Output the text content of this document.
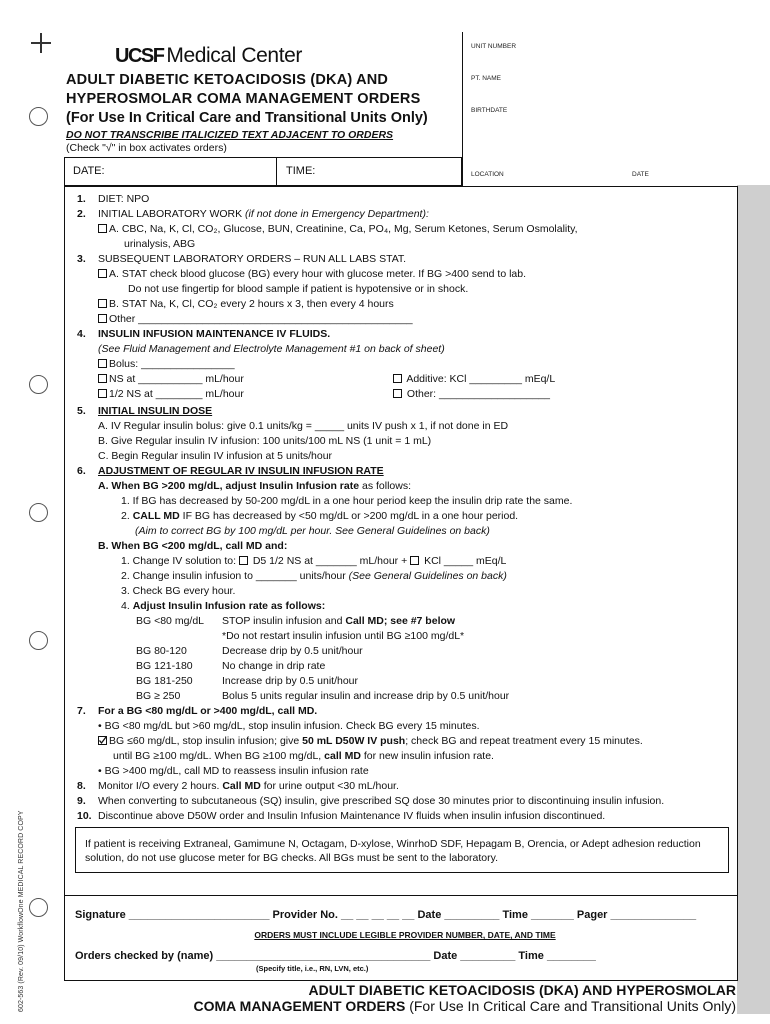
602-563 (Rev. 09/10) WorkflowOne MEDICAL RECORD COPY
UCSF Medical Center
ADULT DIABETIC KETOACIDOSIS (DKA) AND
HYPEROSMOLAR COMA MANAGEMENT ORDERS
(For Use In Critical Care and Transitional Units Only)
DO NOT TRANSCRIBE ITALICIZED TEXT ADJACENT TO ORDERS
(Check "√" in box activates orders)
UNIT NUMBER
PT. NAME
BIRTHDATE
LOCATION	DATE
DATE:	TIME:
1. DIET: NPO
2. INITIAL LABORATORY WORK (if not done in Emergency Department):
A. CBC, Na, K, Cl, CO₂, Glucose, BUN, Creatinine, Ca, PO₄, Mg, Serum Ketones, Serum Osmolality,
urinalysis, ABG
3. SUBSEQUENT LABORATORY ORDERS – RUN ALL LABS STAT.
A. STAT check blood glucose (BG) every hour with glucose meter. If BG >400 send to lab.
Do not use fingertip for blood sample if patient is hypotensive or in shock.
B. STAT Na, K, Cl, CO₂ every 2 hours x 3, then every 4 hours
Other _______________________________________________
4. INSULIN INFUSION MAINTENANCE IV FLUIDS.
(See Fluid Management and Electrolyte Management #1 on back of sheet)
Bolus: ________________
NS at ___________ mL/hour
1/2 NS at ________ mL/hour
Additive: KCl _________ mEq/L
Other: ___________________
5. INITIAL INSULIN DOSE
A. IV Regular insulin bolus: give 0.1 units/kg = _____ units IV push x 1, if not done in ED
B. Give Regular insulin IV infusion: 100 units/100 mL NS (1 unit = 1 mL)
C. Begin Regular insulin IV infusion at 5 units/hour
6. ADJUSTMENT OF REGULAR IV INSULIN INFUSION RATE
A. When BG >200 mg/dL, adjust Insulin Infusion rate as follows:
1. If BG has decreased by 50-200 mg/dL in a one hour period keep the insulin drip rate the same.
2. CALL MD IF BG has decreased by <50 mg/dL or >200 mg/dL in a one hour period.
(Aim to correct BG by 100 mg/dL per hour. See General Guidelines on back)
B. When BG <200 mg/dL, call MD and:
1. Change IV solution to:  D5 1/2 NS at _______ mL/hour +  KCl _____ mEq/L
2. Change insulin infusion to _______ units/hour (See General Guidelines on back)
3. Check BG every hour.
4. Adjust Insulin Infusion rate as follows:
BG <80 mg/dL STOP insulin infusion and Call MD; see #7 below
*Do not restart insulin infusion until BG ≥100 mg/dL*
BG 80-120	Decrease drip by 0.5 unit/hour
BG 121-180	No change in drip rate
BG 181-250	Increase drip by 0.5 unit/hour
BG ≥ 250	Bolus 5 units regular insulin and increase drip by 0.5 unit/hour
7. For a BG <80 mg/dL or >400 mg/dL, call MD.
• BG <80 mg/dL but >60 mg/dL, stop insulin infusion. Check BG every 15 minutes.
BG ≤60 mg/dL, stop insulin infusion; give 50 mL D50W IV push; check BG and repeat treatment every 15 minutes.
until BG ≥100 mg/dL. When BG ≥100 mg/dL, call MD for new insulin infusion rate.
• BG >400 mg/dL, call MD to reassess insulin infusion rate
8. Monitor I/O every 2 hours. Call MD for urine output <30 mL/hour.
9. When converting to subcutaneous (SQ) insulin, give prescribed SQ dose 30 minutes prior to discontinuing insulin infusion.
10. Discontinue above D50W order and Insulin Infusion Maintenance IV fluids when insulin infusion discontinued.
If patient is receiving Extraneal, Gamimune N, Octagam, D-xylose, WinrhoD SDF, Hepagam B, Orencia, or Adept adhesion reduction solution, do not use glucose meter for BG checks. All BGs must be sent to the laboratory.
Signature _______________________ Provider No. __ __ __ __ __ Date _________ Time _______ Pager ______________
ORDERS MUST INCLUDE LEGIBLE PROVIDER NUMBER, DATE, AND TIME
Orders checked by (name) ___________________________________ Date _________ Time ________
(Specify title, i.e., RN, LVN, etc.)
ADULT DIABETIC KETOACIDOSIS (DKA) AND HYPEROSMOLAR
COMA MANAGEMENT ORDERS (For Use In Critical Care and Transitional Units Only)
